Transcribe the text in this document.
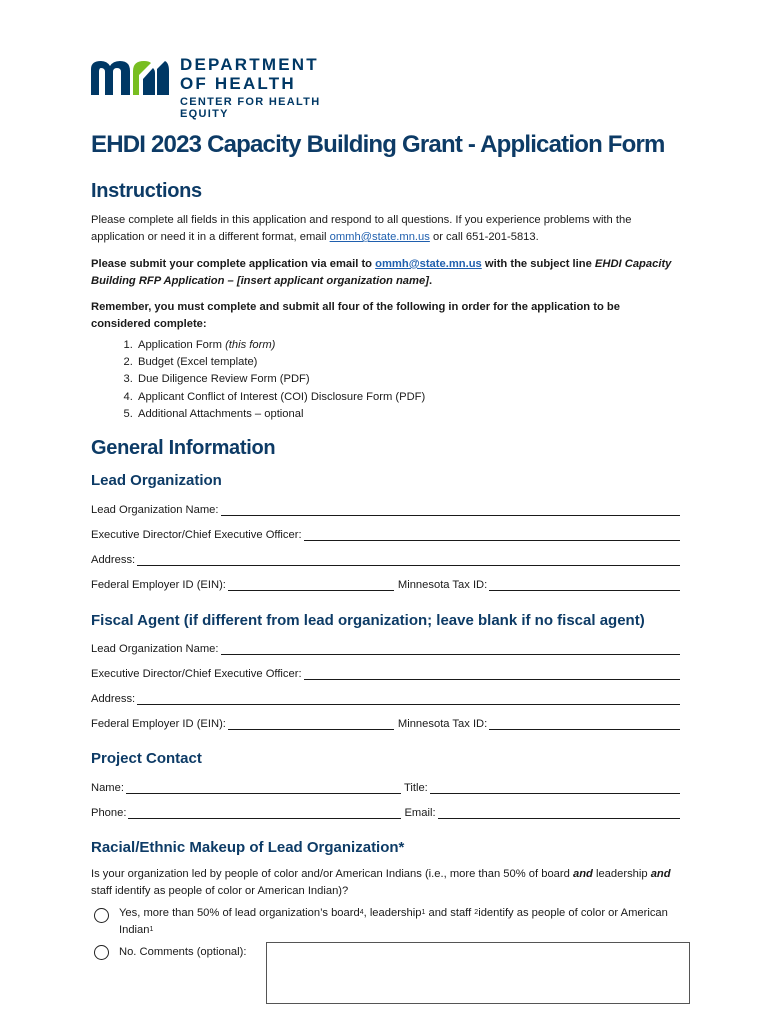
DEPARTMENT
OF HEALTH
CENTER FOR HEALTH EQUITY
EHDI 2023 Capacity Building Grant - Application Form
Instructions
Please complete all fields in this application and respond to all questions. If you experience problems with the application or need it in a different format, email ommh@state.mn.us or call 651-201-5813.
Please submit your complete application via email to ommh@state.mn.us with the subject line EHDI Capacity Building RFP Application – [insert applicant organization name].
Remember, you must complete and submit all four of the following in order for the application to be considered complete:
1. Application Form (this form)
2. Budget (Excel template)
3. Due Diligence Review Form (PDF)
4. Applicant Conflict of Interest (COI) Disclosure Form (PDF)
5. Additional Attachments – optional
General Information
Lead Organization
Lead Organization Name:
Executive Director/Chief Executive Officer:
Address:
Federal Employer ID (EIN):	Minnesota Tax ID:
Fiscal Agent (if different from lead organization; leave blank if no fiscal agent)
Lead Organization Name:
Executive Director/Chief Executive Officer:
Address:
Federal Employer ID (EIN):	Minnesota Tax ID:
Project Contact
Name:	Title:
Phone:	Email:
Racial/Ethnic Makeup of Lead Organization*
Is your organization led by people of color and/or American Indians (i.e., more than 50% of board and leadership and staff identify as people of color or American Indian)?
Yes, more than 50% of lead organization’s board$^4$, leadership$^1$ and staff $^2$identify as people of color or American Indian$^1$
No. Comments (optional):
